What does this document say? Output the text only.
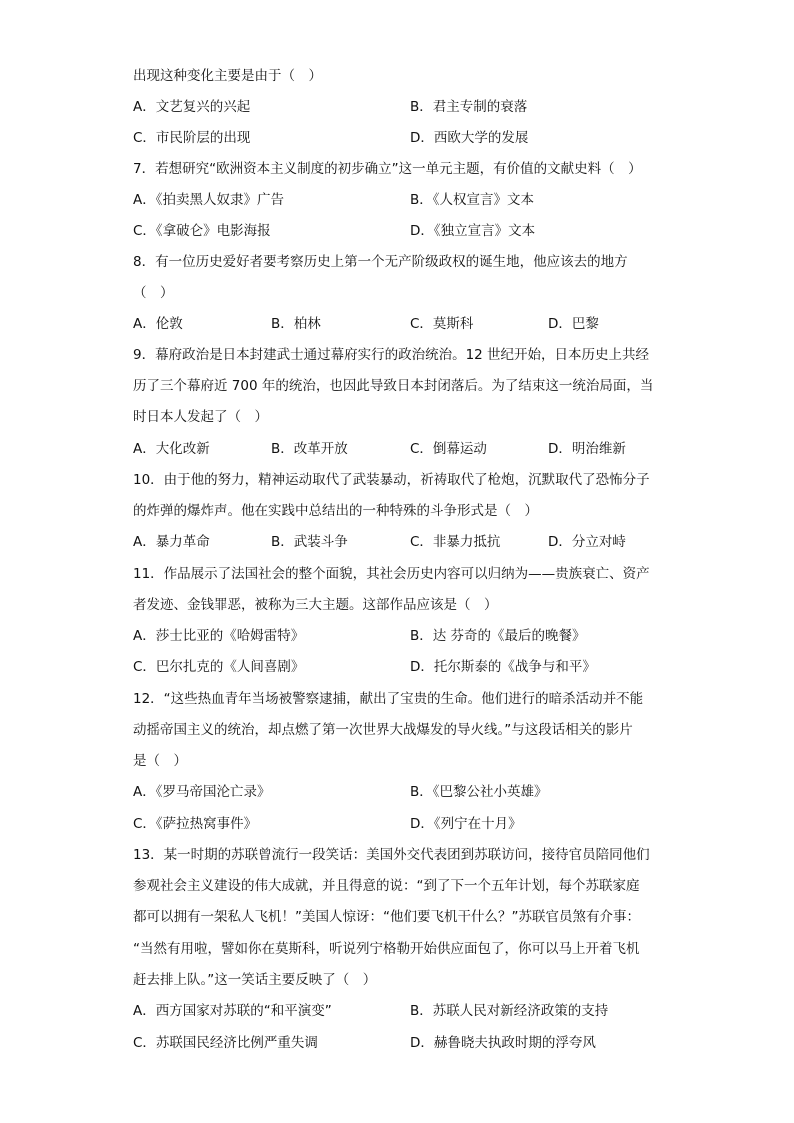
出现这种变化主要是由于（　）
A．文艺复兴的兴起	B．君主专制的衰落
C．市民阶层的出现	D．西欧大学的发展
7．若想研究“欧洲资本主义制度的初步确立”这一单元主题，有价值的文献史料（　）
A．《拍卖黑人奴隶》广告	B．《人权宣言》文本
C．《拿破仑》电影海报	D．《独立宣言》文本
8．有一位历史爱好者要考察历史上第一个无产阶级政权的诞生地，他应该去的地方
（　）
A．伦敦	B．柏林	C．莫斯科	D．巴黎
9．幕府政治是日本封建武士通过幕府实行的政治统治。12 世纪开始，日本历史上共经
历了三个幕府近 700 年的统治，也因此导致日本封闭落后。为了结束这一统治局面，当
时日本人发起了（　）
A．大化改新	B．改革开放	C．倒幕运动	D．明治维新
10．由于他的努力，精神运动取代了武装暴动，祈祷取代了枪炮，沉默取代了恐怖分子
的炸弹的爆炸声。他在实践中总结出的一种特殊的斗争形式是（　）
A．暴力革命	B．武装斗争	C．非暴力抵抗	D．分立对峙
11．作品展示了法国社会的整个面貌，其社会历史内容可以归纳为——贵族衰亡、资产
者发迹、金钱罪恶，被称为三大主题。这部作品应该是（　）
A．莎士比亚的《哈姆雷特》	B．达 芬奇的《最后的晚餐》
C．巴尔扎克的《人间喜剧》	D．托尔斯泰的《战争与和平》
12．“这些热血青年当场被警察逮捕，献出了宝贵的生命。他们进行的暗杀活动并不能
动摇帝国主义的统治，却点燃了第一次世界大战爆发的导火线。”与这段话相关的影片
是（　）
A．《罗马帝国沦亡录》	B．《巴黎公社小英雄》
C．《萨拉热窝事件》	D．《列宁在十月》
13．某一时期的苏联曾流行一段笑话：美国外交代表团到苏联访问，接待官员陪同他们
参观社会主义建设的伟大成就，并且得意的说：“到了下一个五年计划，每个苏联家庭
都可以拥有一架私人飞机！”美国人惊讶：“他们要飞机干什么？”苏联官员煞有介事：
“当然有用啦，譬如你在莫斯科，听说列宁格勒开始供应面包了，你可以马上开着飞机
赶去排上队。”这一笑话主要反映了（　）
A．西方国家对苏联的“和平演变”	B．苏联人民对新经济政策的支持
C．苏联国民经济比例严重失调	D．赫鲁晓夫执政时期的浮夸风
